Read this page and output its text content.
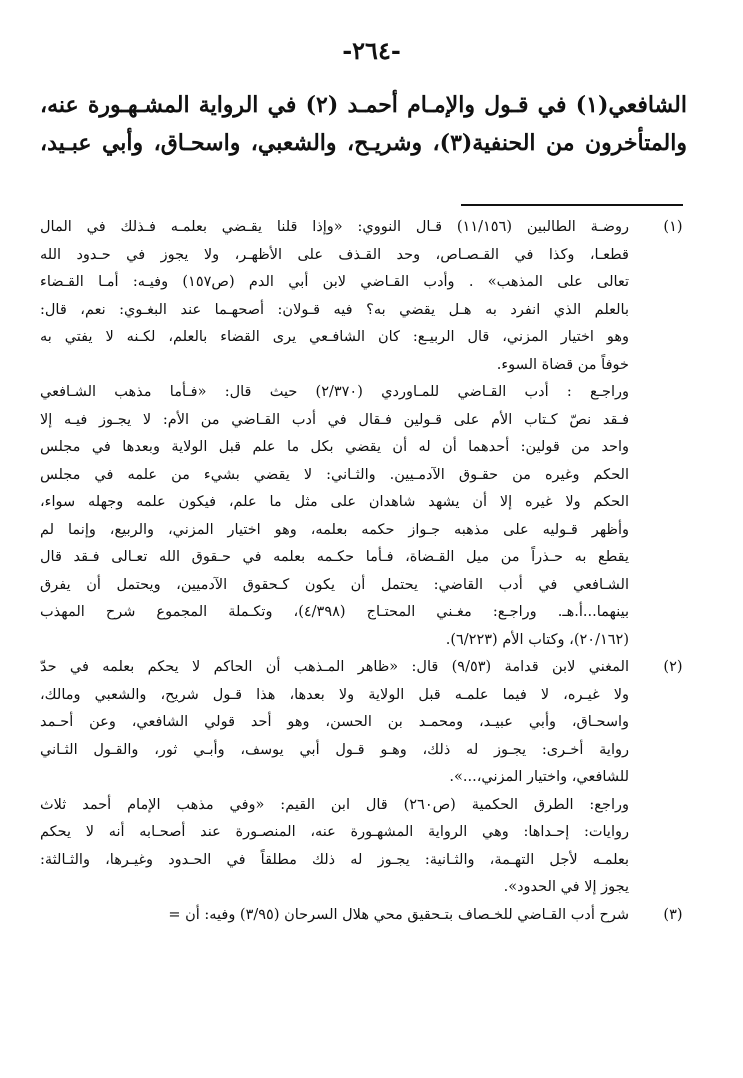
-٢٦٤-
الشافعي(١) في قـول والإمـام أحمـد (٢) في الرواية المشـهـورة عنه،
والمتأخرون من الحنفية(٣)، وشريـح، والشعبي، واسحـاق، وأبي عبـيد،
(١)
روضـة الطالبين (١١/١٥٦) قـال النووي: «وإذا قلنا يقـضي بعلمـه فـذلك في المال
قطعـا، وكذا في القـصـاص، وحد القـذف على الأظهـر، ولا يجوز في حـدود الله
تعالى على المذهب» . وأدب القـاضي لابن أبي الدم (ص١٥٧) وفيـه: أمـا القـضاء
بالعلم الذي انفرد به هـل يقضي به؟ فيه قـولان: أصحهـما عند البغـوي: نعم، قال:
وهو اختيار المزني، قال الربيـع: كان الشافـعي يرى القضاء بالعلم، لكـنه لا يفتي به
خوفاً من قضاة السوء.
وراجـع : أدب القـاضي للمـاوردي (٢/٣٧٠) حيث قال: «فـأما مذهب الشـافعي
فـقد نصّ كـتاب الأم على قـولين فـقال في أدب القـاضي من الأم: لا يجـوز فيـه إلا
واحد من قولين: أحدهما أن له أن يقضي بكل ما علم قبل الولاية وبعدها في مجلس
الحكم وغيره من حقـوق الآدمـيين. والثـاني: لا يقضي بشيء من علمه في مجلس
الحكم ولا غيره إلا أن يشهد شاهدان على مثل ما علم، فيكون علمه وجهله سواء،
وأظهر قـوليه على مذهبه جـواز حكمه بعلمه، وهو اختيار المزني، والربيع، وإنما لم
يقطع به حـذراً من ميل القـضاة، فـأما حكـمه بعلمه في حـقوق الله تعـالى فـقد قال
الشـافعي في أدب القاضي: يحتمل أن يكون كـحقوق الآدميين، ويحتمل أن يفرق
بينهما...أ.هـ. وراجـع: مغـني المحتـاج (٤/٣٩٨)، وتكـملة المجموع شرح المهذب
(٢٠/١٦٢)، وكتاب الأم (٦/٢٢٣).
(٢)
المغني لابن قدامة (٩/٥٣) قال: «ظاهر المـذهب أن الحاكم لا يحكم بعلمه في حدّ
ولا غيـره، لا فيما علمـه قبل الولاية ولا بعدها، هذا قـول شريح، والشعبي ومالك،
واسحـاق، وأبي عبيـد، ومحمـد بن الحسن، وهو أحد قولي الشافعي، وعن أحـمد
رواية أخـرى: يجـوز له ذلك، وهـو قـول أبي يوسف، وأبـي ثور، والقـول الثـاني
للشافعي، واختيار المزني،...».
وراجع: الطرق الحكمية (ص٢٦٠) قال ابن القيم: «وفي مذهب الإمام أحمد ثلاث
روايات: إحـداها: وهي الرواية المشهـورة عنه، المنصـورة عند أصحـابه أنه لا يحكم
بعلمـه لأجل التهـمة، والثـانية: يجـوز له ذلك مطلقاً في الحـدود وغيـرها، والثـالثة:
يجوز إلا في الحدود».
(٣)
شرح أدب القـاضي للخـصاف بتـحقيق محي هلال السرحان (٣/٩٥) وفيه: أن =
